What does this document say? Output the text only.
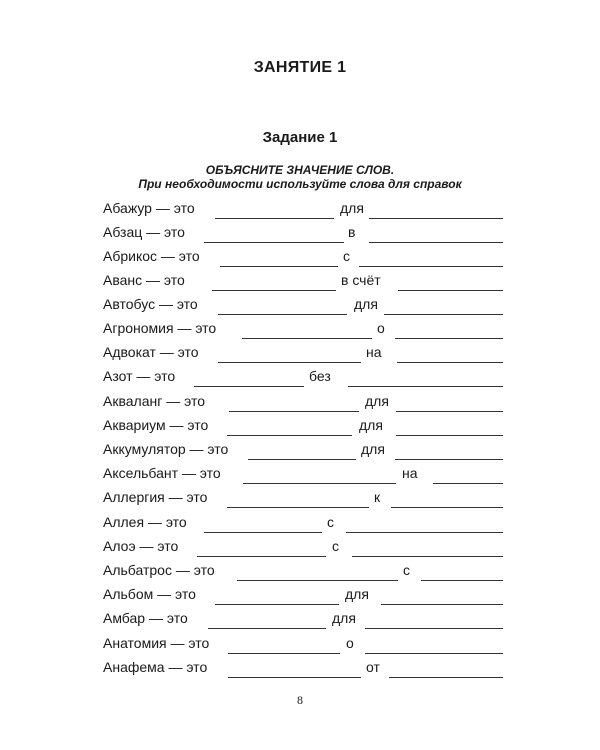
ЗАНЯТИЕ 1
Задание 1
ОБЪЯСНИТЕ ЗНАЧЕНИЕ СЛОВ.
При необходимости используйте слова для справок
Абажур — это	для
Абзац — это	в
Абрикос — это	с
Аванс — это	в счёт
Автобус — это	для
Агрономия — это	о
Адвокат — это	на
Азот — это	без
Акваланг — это	для
Аквариум — это	для
Аккумулятор — это	для
Аксельбант — это	на
Аллергия — это	к
Аллея — это	с
Алоэ — это	с
Альбатрос — это	с
Альбом — это	для
Амбар — это	для
Анатомия — это	о
Анафема — это	от
8
